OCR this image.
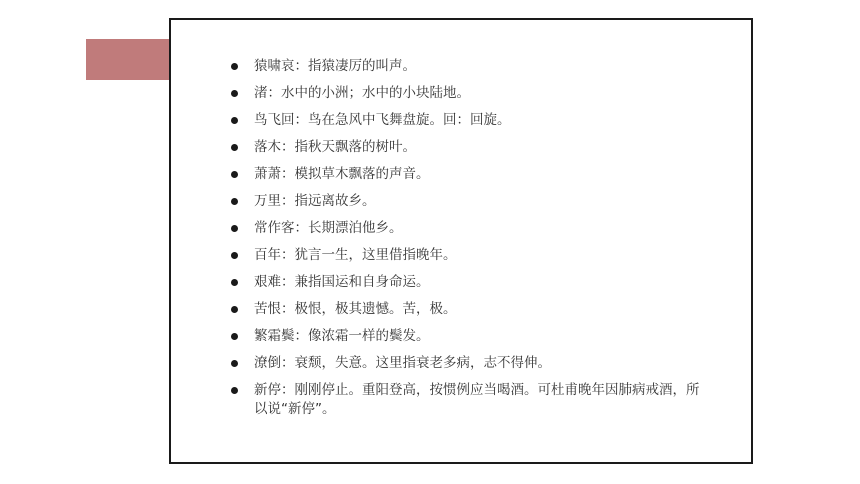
猿啸哀：指猿凄厉的叫声。
渚：水中的小洲；水中的小块陆地。
鸟飞回：鸟在急风中飞舞盘旋。回：回旋。
落木：指秋天飘落的树叶。
萧萧：模拟草木飘落的声音。
万里：指远离故乡。
常作客：长期漂泊他乡。
百年：犹言一生，这里借指晚年。
艰难：兼指国运和自身命运。
苦恨：极恨，极其遗憾。苦，极。
繁霜鬓：像浓霜一样的鬓发。
潦倒：衰颓，失意。这里指衰老多病，志不得伸。
新停：刚刚停止。重阳登高，按惯例应当喝酒。可杜甫晚年因肺病戒酒，所以说“新停”。
